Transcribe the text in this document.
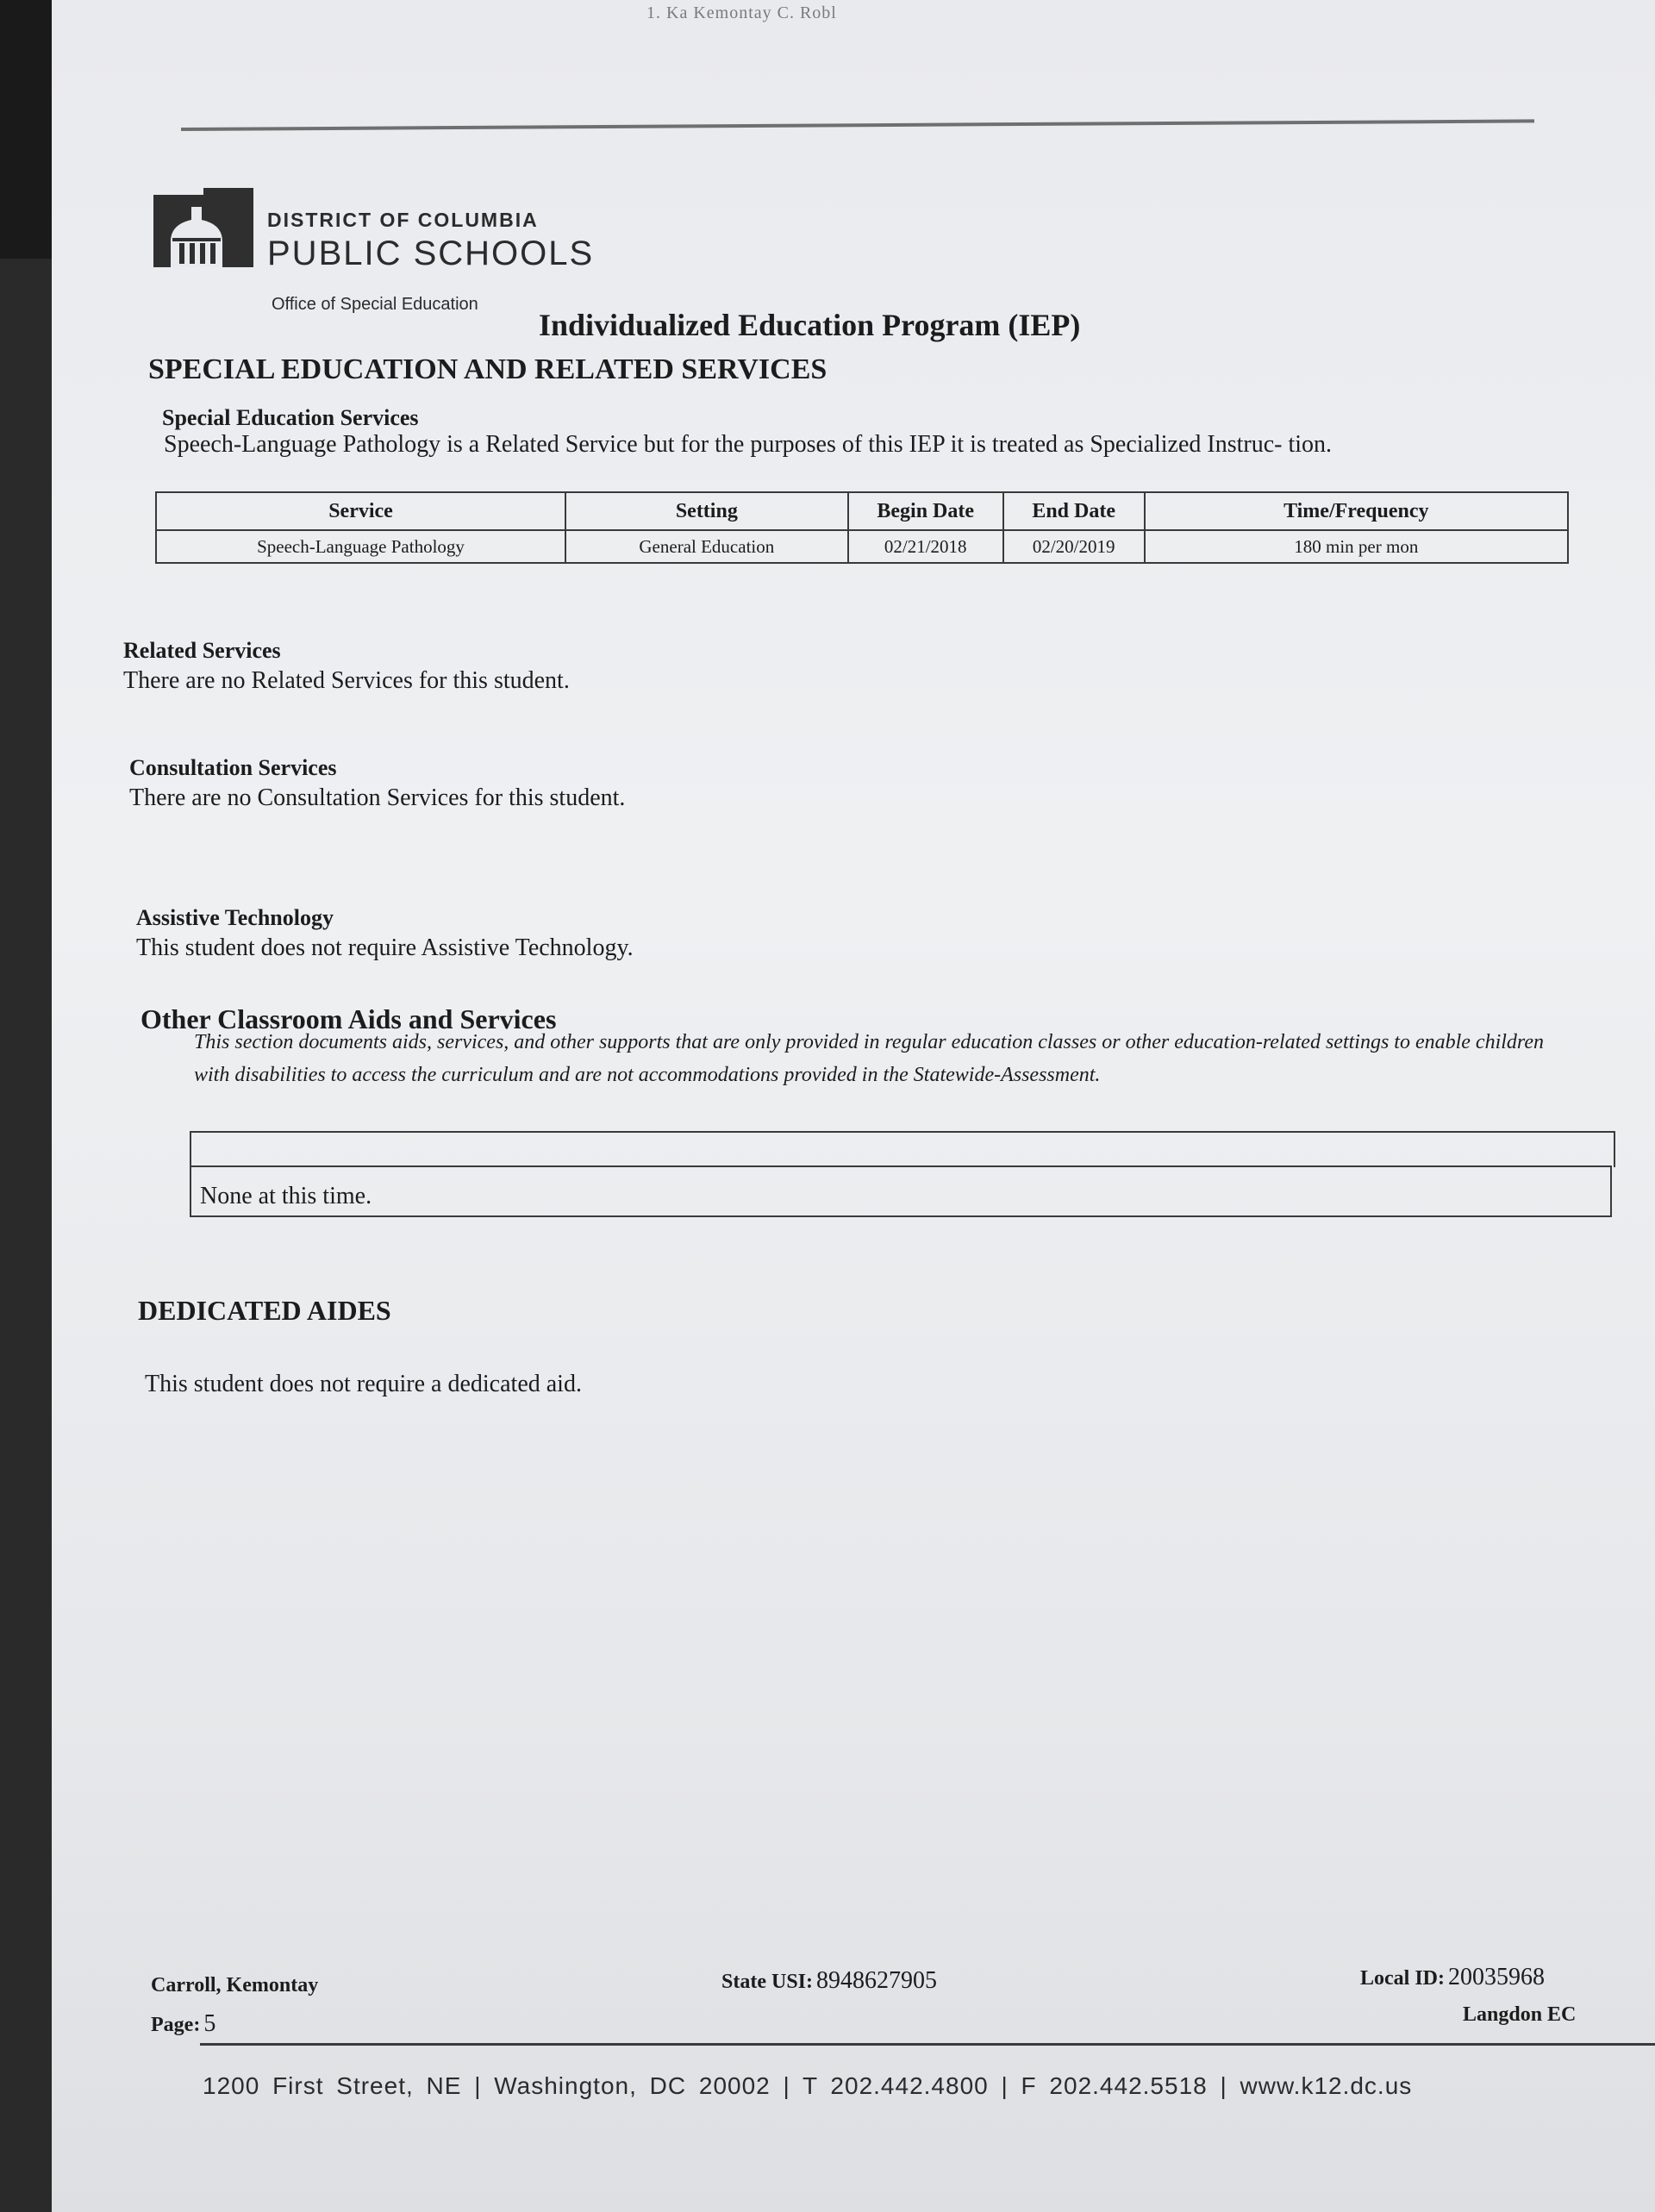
1. Ka Kemontay C. Robl
DISTRICT OF COLUMBIA
PUBLIC SCHOOLS
Office of Special Education
Individualized Education Program (IEP)
SPECIAL EDUCATION AND RELATED SERVICES
Special Education Services
Speech-Language Pathology is a Related Service but for the purposes of this IEP it is treated as Specialized Instruc- tion.
Service	Setting	Begin Date	End Date	Time/Frequency
Speech-Language Pathology	General Education	02/21/2018	02/20/2019	180 min per mon
Related Services
There are no Related Services for this student.
Consultation Services
There are no Consultation Services for this student.
Assistive Technology
This student does not require Assistive Technology.
Other Classroom Aids and Services
This section documents aids, services, and other supports that are only provided in regular education classes or other education-related settings to enable children with disabilities to access the curriculum and are not accommodations provided in the Statewide-Assessment.
None at this time.
DEDICATED AIDES
This student does not require a dedicated aid.
Carroll, Kemontay
Page: 5
State USI: 8948627905	Local ID: 20035968
Langdon EC
1200 First Street, NE | Washington, DC 20002 | T 202.442.4800 | F 202.442.5518 | www.k12.dc.us
